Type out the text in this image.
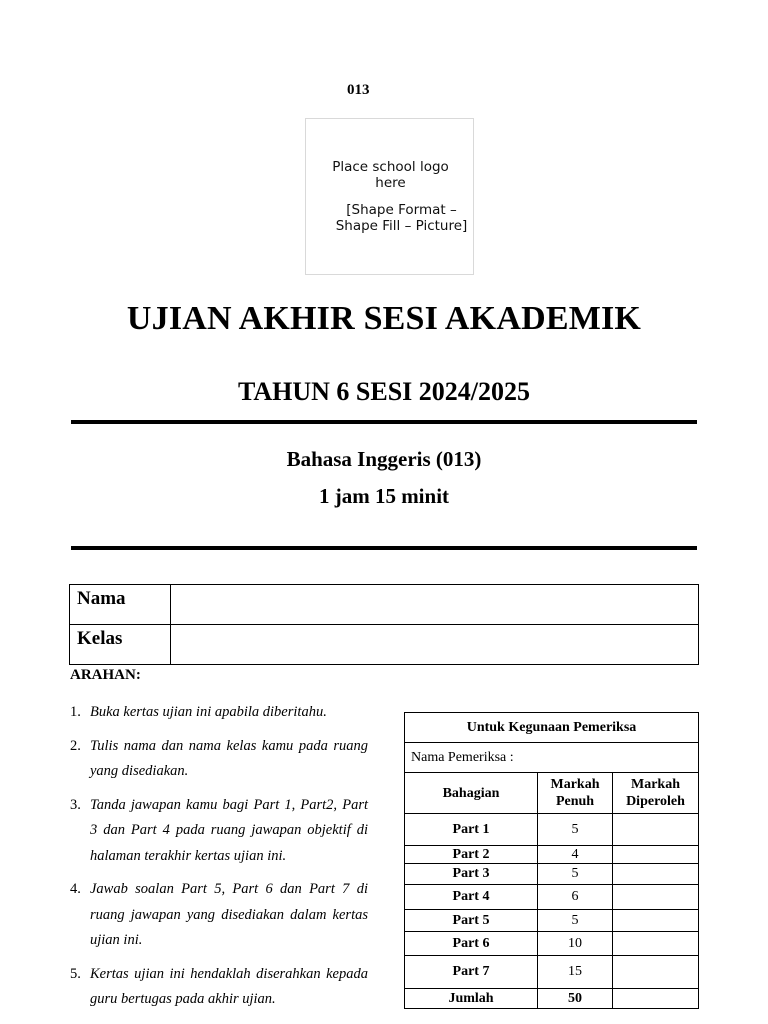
013
Place school logo here
[Shape Format – Shape Fill – Picture]
UJIAN AKHIR SESI AKADEMIK
TAHUN 6 SESI 2024/2025
Bahasa Inggeris (013)
1 jam 15 minit
Nama	
Kelas	
ARAHAN:
1. Buka kertas ujian ini apabila diberitahu.
2. Tulis nama dan nama kelas kamu pada ruang yang disediakan.
3. Tanda jawapan kamu bagi Part 1, Part2, Part 3 dan Part 4 pada ruang jawapan objektif di halaman terakhir kertas ujian ini.
4. Jawab soalan Part 5, Part 6 dan Part 7 di ruang jawapan yang disediakan dalam kertas ujian ini.
5. Kertas ujian ini hendaklah diserahkan kepada guru bertugas pada akhir ujian.
Untuk Kegunaan Pemeriksa		
Nama Pemeriksa :		
Bahagian	Markah Penuh	Markah Diperoleh
Part 1	5	
Part 2	4	
Part 3	5	
Part 4	6	
Part 5	5	
Part 6	10	
Part 7	15	
Jumlah	50	
